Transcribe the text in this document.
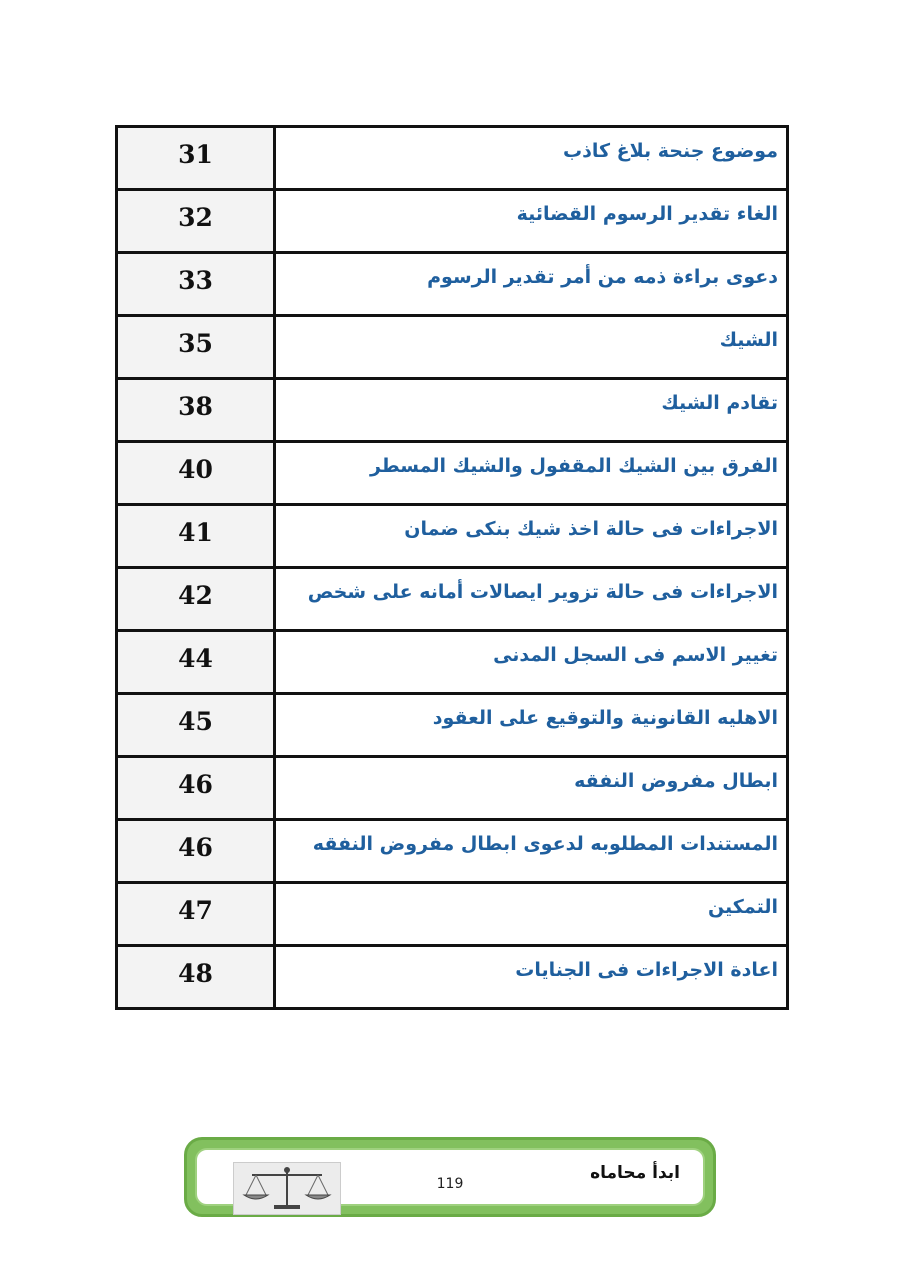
31	موضوع جنحة بلاغ كاذب
32	الغاء تقدير الرسوم القضائية
33	دعوى براءة ذمه من أمر تقدير الرسوم
35	الشيك
38	تقادم الشيك
40	الفرق بين الشيك المقفول والشيك المسطر
41	الاجراءات فى حالة اخذ شيك بنكى ضمان
42	الاجراءات فى حالة تزوير ايصالات أمانه على شخص
44	تغيير الاسم فى السجل المدنى
45	الاهليه القانونية والتوقيع على العقود
46	ابطال مفروض النفقه
46	المستندات المطلوبه لدعوى ابطال مفروض النفقه
47	التمكين
48	اعادة الاجراءات فى الجنايات
119
ابدأ محاماه
